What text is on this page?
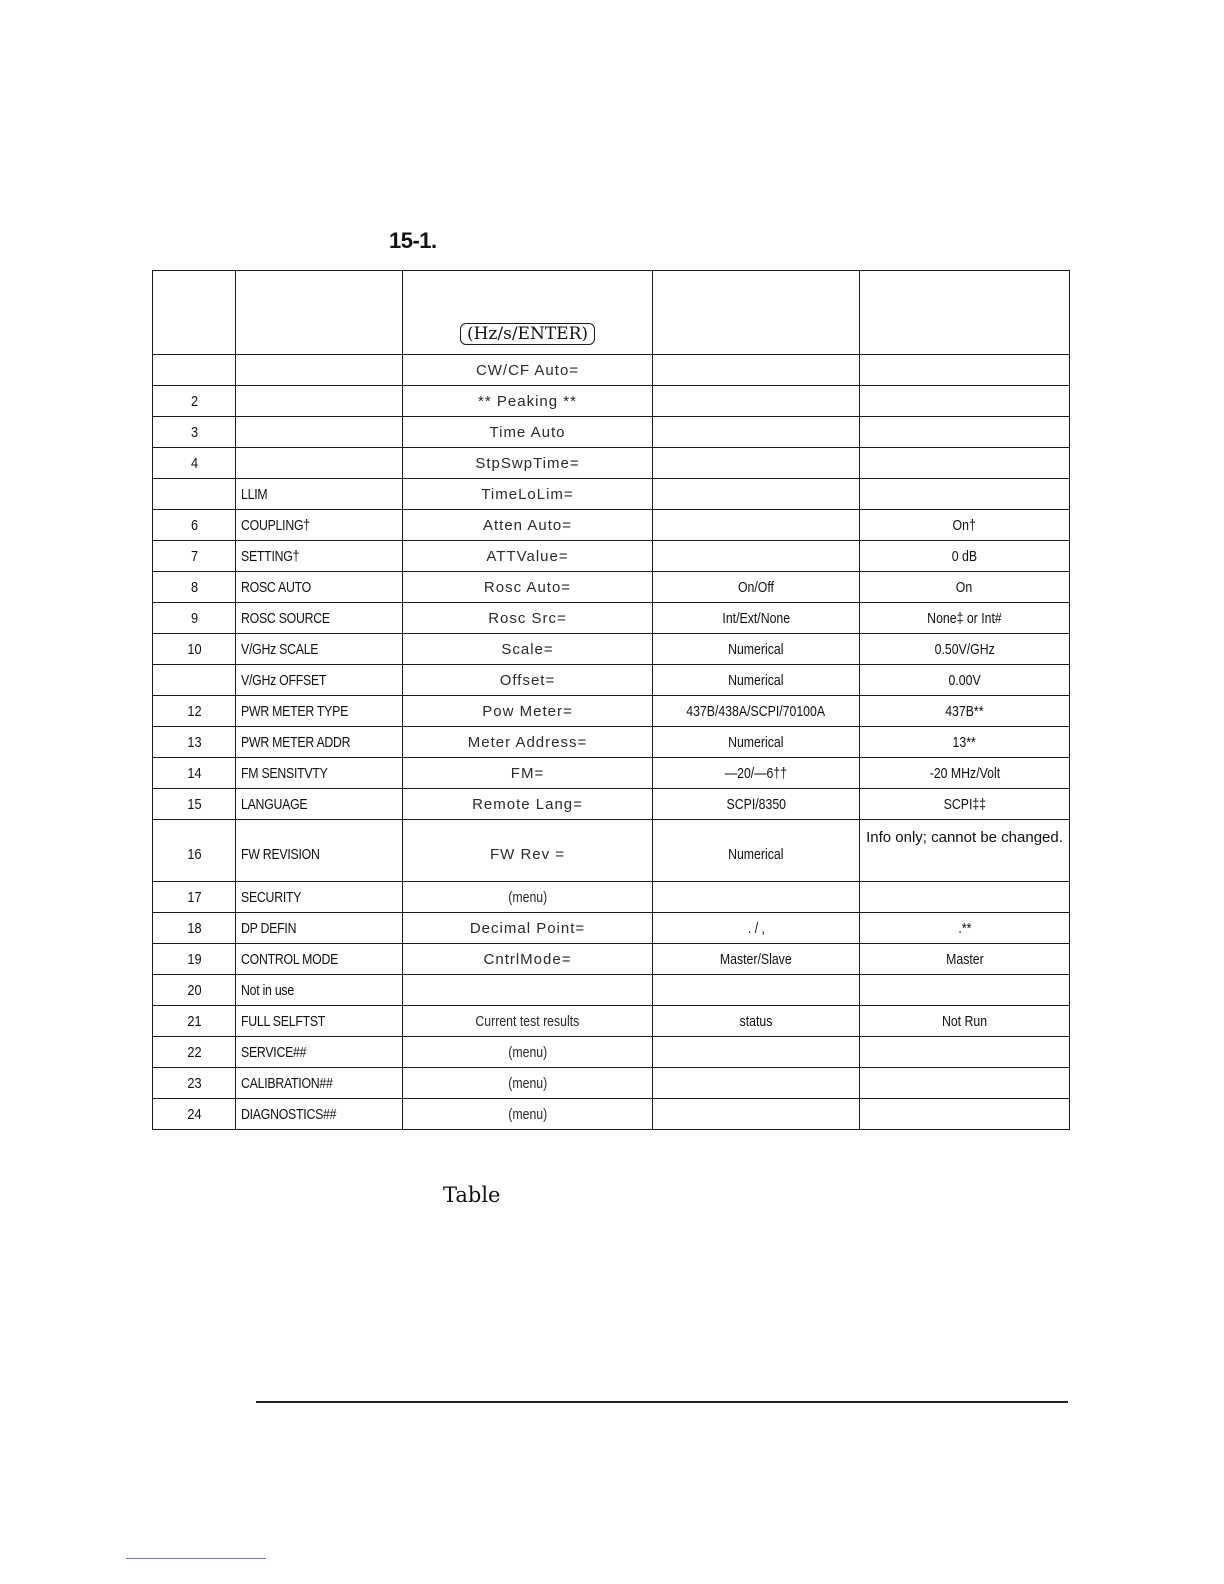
15-1.
		(Hz/s/ENTER)		
		CW/CF Auto=		
2		** Peaking **		
3		Time Auto		
4		StpSwpTime=		
	LLIM	TimeLoLim=		
6	COUPLING†	Atten Auto=		On†
7	SETTING†	ATTValue=		0 dB
8	ROSC AUTO	Rosc Auto=	On/Off	On
9	ROSC SOURCE	Rosc Src=	Int/Ext/None	None‡ or Int#
10	V/GHz SCALE	Scale=	Numerical	0.50V/GHz
	V/GHz OFFSET	Offset=	Numerical	0.00V
12	PWR METER TYPE	Pow Meter=	437B/438A/SCPI/70100A	437B**
13	PWR METER ADDR	Meter Address=	Numerical	13**
14	FM SENSITVTY	FM=	—20/—6††	-20 MHz/Volt
15	LANGUAGE	Remote Lang=	SCPI/8350	SCPI‡‡
16	FW REVISION	FW Rev =	Numerical	Info only; cannot be changed.
17	SECURITY	(menu)		
18	DP DEFIN	Decimal Point=	. / ,	.**
19	CONTROL MODE	CntrlMode=	Master/Slave	Master
20	Not in use			
21	FULL SELFTST	Current test results	status	Not Run
22	SERVICE##	(menu)		
23	CALIBRATION##	(menu)		
24	DIAGNOSTICS##	(menu)		
Table
